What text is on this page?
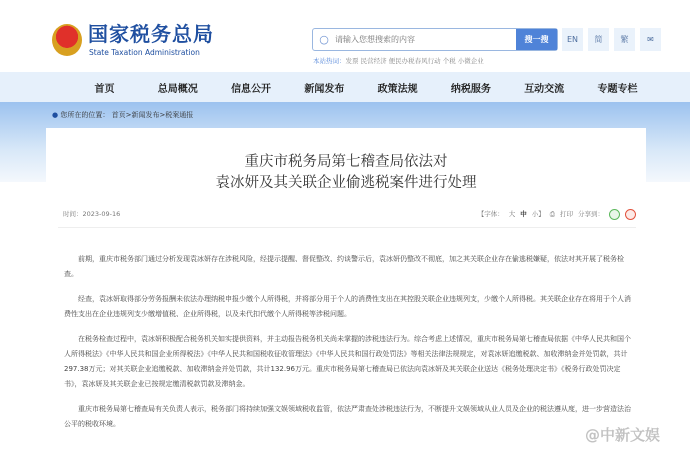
国家税务总局
State Taxation Administration
○
请输入您想搜索的内容	搜一搜	EN	简	繁	✉
本站热词：发票 民营经济 便民办税春风行动 个税 小微企业
首页	总局概况	信息公开	新闻发布	政策法规	纳税服务	互动交流	专题专栏
● 您所在的位置： 首页>新闻发布>税案通报
重庆市税务局第七稽查局依法对
袁冰妍及其关联企业偷逃税案件进行处理
时间：2023-09-16	【字体： 大 中 小】 ⎙ 打印 分享到：

前期，重庆市税务部门通过分析发现袁冰妍存在涉税风险，经提示提醒、督促整改、约谈警示后，袁冰妍仍整改不彻底，加之其关联企业存在偷逃税嫌疑，依法对其开展了税务检查。

经查，袁冰妍取得部分劳务报酬未依法办理纳税申报少缴个人所得税，并将部分用于个人的消费性支出在其控股关联企业违规列支，少缴个人所得税。其关联企业存在将用于个人消费性支出在企业违规列支少缴增值税、企业所得税，以及未代扣代缴个人所得税等涉税问题。

在税务检查过程中，袁冰妍积极配合税务机关如实提供资料，并主动报告税务机关尚未掌握的涉税违法行为。综合考虑上述情况，重庆市税务局第七稽查局依据《中华人民共和国个人所得税法》《中华人民共和国企业所得税法》《中华人民共和国税收征收管理法》《中华人民共和国行政处罚法》等相关法律法规规定，对袁冰妍追缴税款、加收滞纳金并处罚款，共计297.38万元；对其关联企业追缴税款、加收滞纳金并处罚款，共计132.96万元。重庆市税务局第七稽查局已依法向袁冰妍及其关联企业送达《税务处理决定书》《税务行政处罚决定书》，袁冰妍及其关联企业已按规定缴清税款罚款及滞纳金。

重庆市税务局第七稽查局有关负责人表示，税务部门将持续加强文娱领域税收监管，依法严肃查处涉税违法行为，不断提升文娱领域从业人员及企业的税法遵从度，进一步营造法治公平的税收环境。

@中新文娱
